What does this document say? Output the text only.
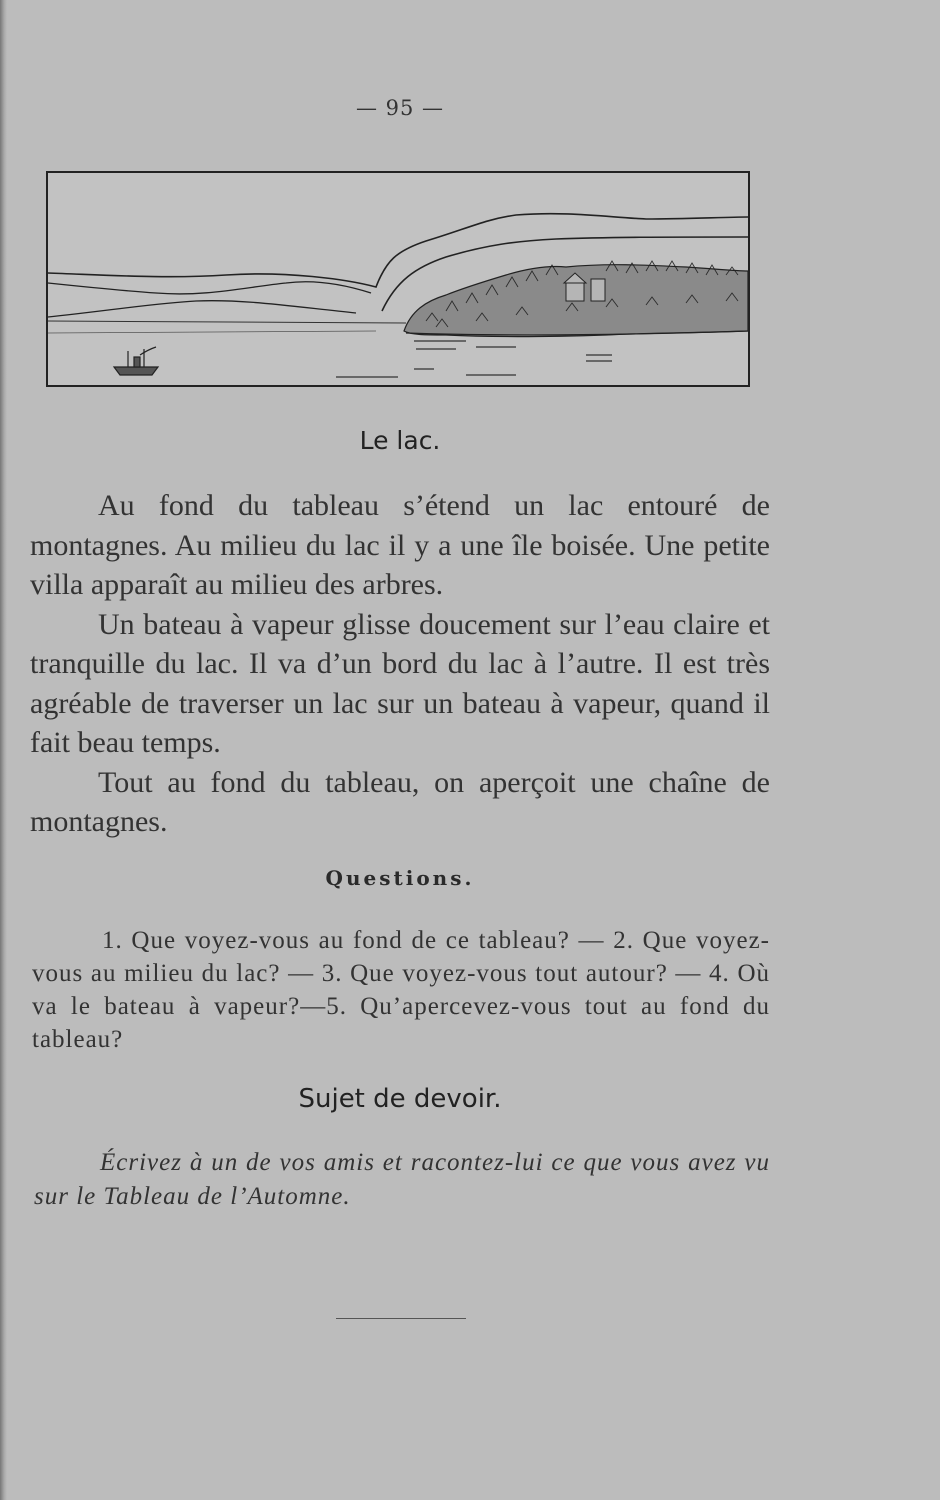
— 95 —
Le lac.

Au fond du tableau s’étend un lac entouré de montagnes. Au milieu du lac il y a une île boisée. Une petite villa apparaît au milieu des arbres.

Un bateau à vapeur glisse doucement sur l’eau claire et tranquille du lac. Il va d’un bord du lac à l’autre. Il est très agréable de traverser un lac sur un bateau à vapeur, quand il fait beau temps.

Tout au fond du tableau, on aperçoit une chaîne de montagnes.

Questions.

1. Que voyez-vous au fond de ce tableau? — 2. Que voyez-vous au milieu du lac? — 3. Que voyez-vous tout autour? — 4. Où va le bateau à vapeur?—5. Qu’apercevez-vous tout au fond du tableau?

Sujet de devoir.

Écrivez à un de vos amis et racontez-lui ce que vous avez vu sur le Tableau de l’Automne.
